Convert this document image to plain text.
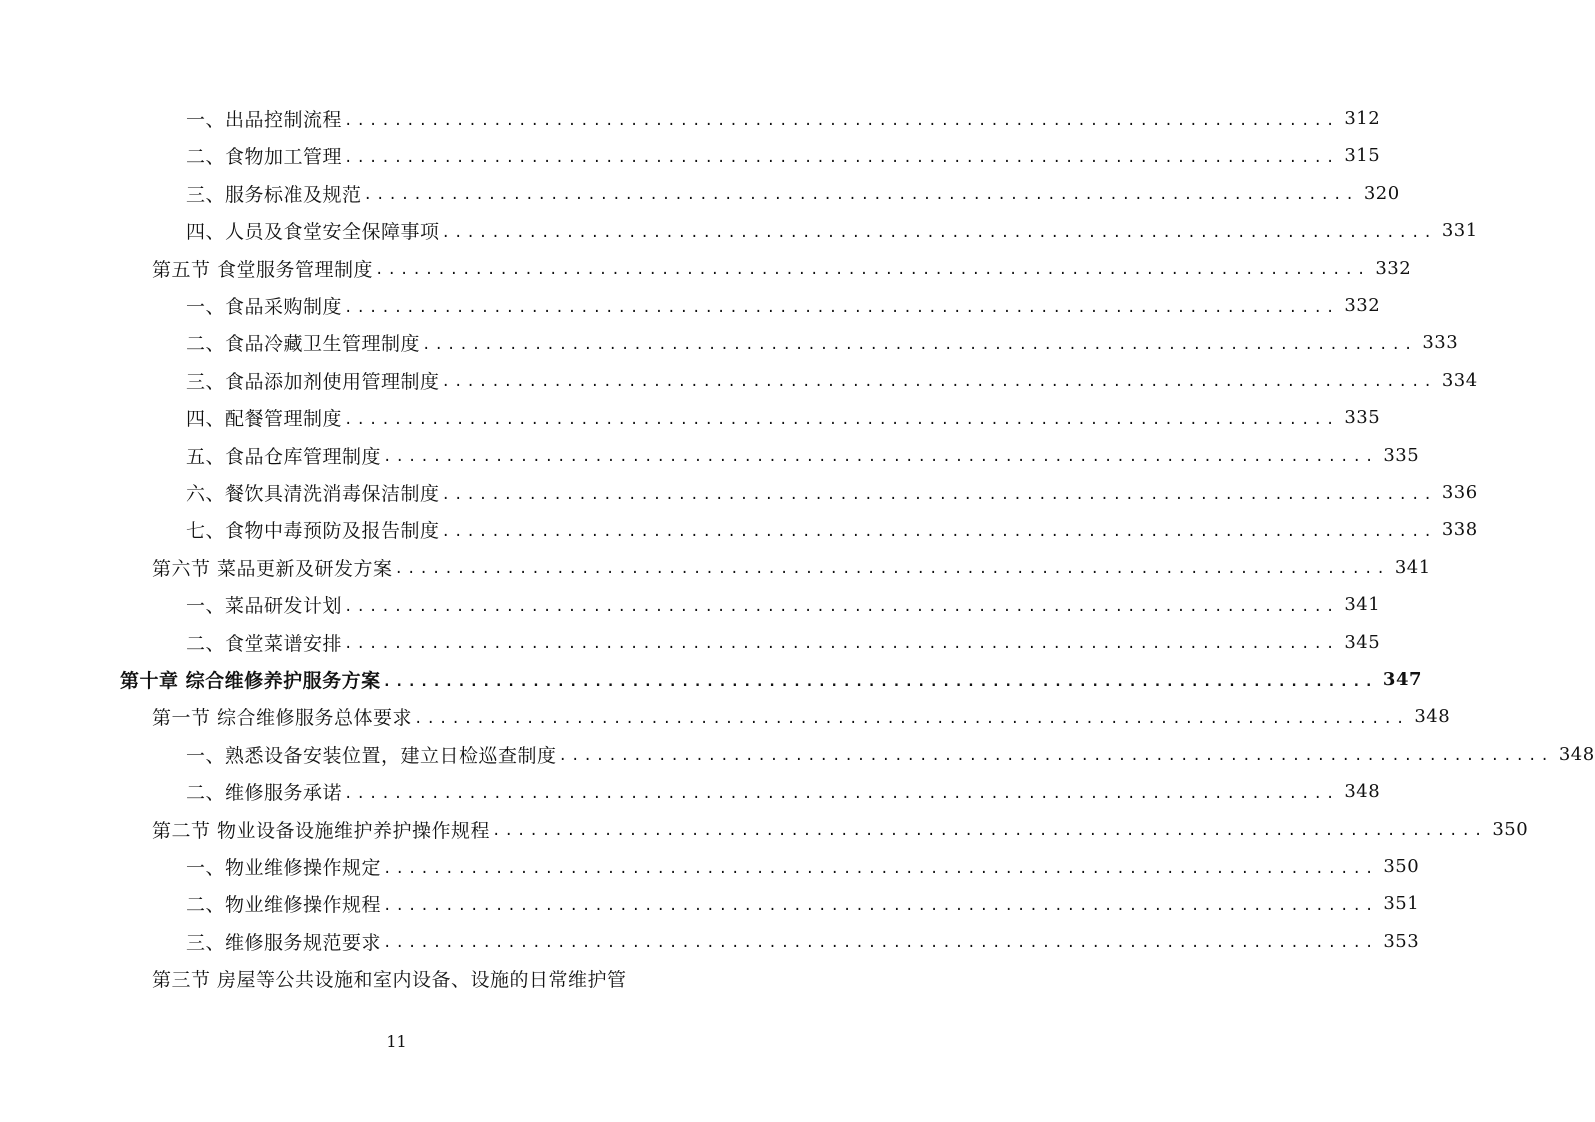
一、出品控制流程 ................................................................................ 312
二、食物加工管理 ................................................................................ 315
三、服务标准及规范 ................................................................................ 320
四、人员及食堂安全保障事项 ................................................................................ 331
第五节 食堂服务管理制度 ................................................................................ 332
一、食品采购制度 ................................................................................ 332
二、食品冷藏卫生管理制度 ................................................................................ 333
三、食品添加剂使用管理制度 ................................................................................ 334
四、配餐管理制度 ................................................................................ 335
五、食品仓库管理制度 ................................................................................ 335
六、餐饮具清洗消毒保洁制度 ................................................................................ 336
七、食物中毒预防及报告制度 ................................................................................ 338
第六节 菜品更新及研发方案 ................................................................................ 341
一、菜品研发计划 ................................................................................ 341
二、食堂菜谱安排 ................................................................................ 345
第十章 综合维修养护服务方案 ................................................................................ 347
第一节 综合维修服务总体要求 ................................................................................ 348
一、熟悉设备安装位置，建立日检巡查制度 ................................................................................ 348
二、维修服务承诺 ................................................................................ 348
第二节 物业设备设施维护养护操作规程 ................................................................................ 350
一、物业维修操作规定 ................................................................................ 350
二、物业维修操作规程 ................................................................................ 351
三、维修服务规范要求 ................................................................................ 353
第三节 房屋等公共设施和室内设备、设施的日常维护管
11
